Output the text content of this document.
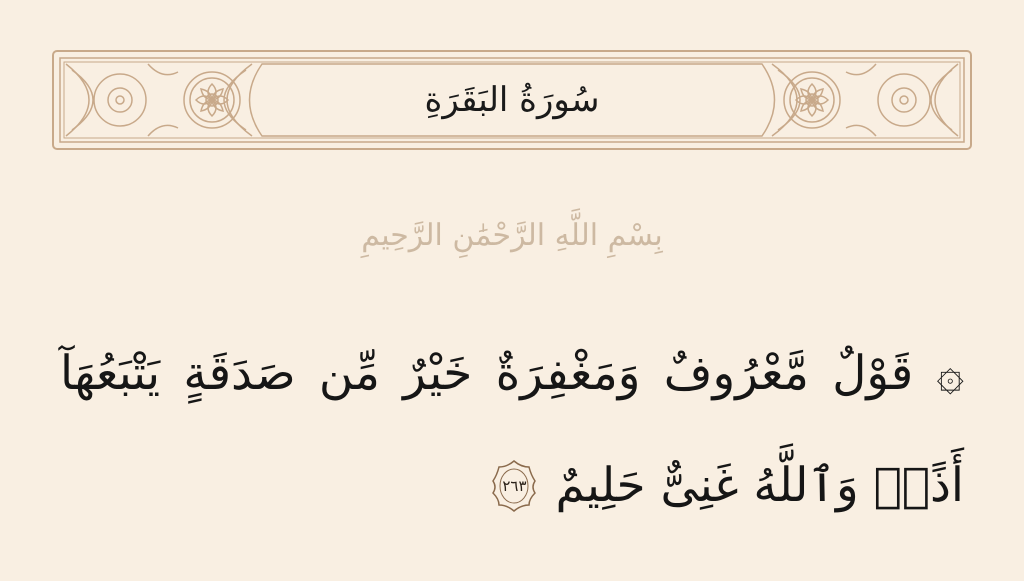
سُورَةُ البَقَرَةِ
بِسْمِ اللَّهِ الرَّحْمَٰنِ الرَّحِيمِ
۞ قَوْلٌ مَّعْرُوفٌ وَمَغْفِرَةٌ خَيْرٌ مِّن صَدَقَةٍ يَتْبَعُهَآ
أَذًىۗ وَٱللَّهُ غَنِىٌّ حَلِيمٌ
٢٦٣
